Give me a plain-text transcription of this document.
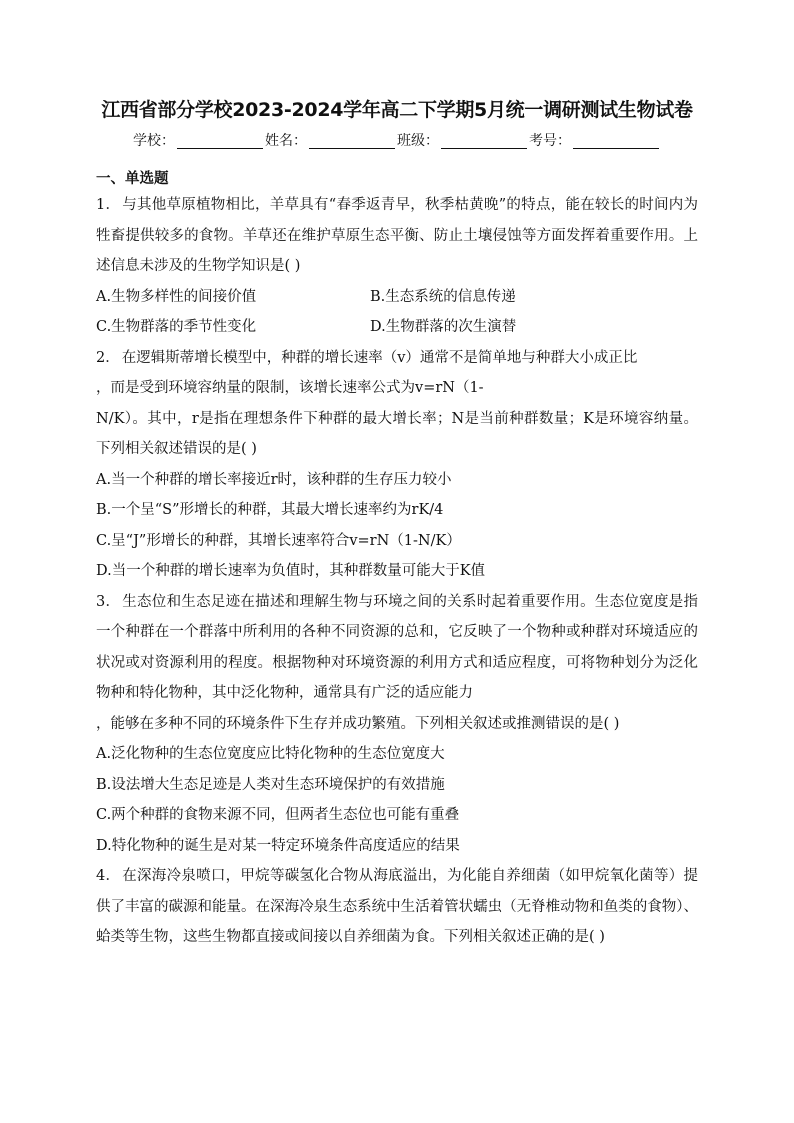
江西省部分学校2023-2024学年高二下学期5月统一调研测试生物试卷
学校：	姓名：	班级：	考号：
一、单选题
1． 与其他草原植物相比，羊草具有“春季返青早，秋季枯黄晚”的特点，能在较长的时间内为牲畜提供较多的食物。羊草还在维护草原生态平衡、防止土壤侵蚀等方面发挥着重要作用。上述信息未涉及的生物学知识是( )
A.生物多样性的间接价值	B.生态系统的信息传递
C.生物群落的季节性变化	D.生物群落的次生演替
2． 在逻辑斯蒂增长模型中，种群的增长速率（v）通常不是简单地与种群大小成正比
，而是受到环境容纳量的限制，该增长速率公式为v=rN（1-
N/K）。其中，r是指在理想条件下种群的最大增长率；N是当前种群数量；K是环境容纳量。下列相关叙述错误的是( )
A.当一个种群的增长率接近r时，该种群的生存压力较小
B.一个呈“S”形增长的种群，其最大增长速率约为rK/4
C.呈“J”形增长的种群，其增长速率符合v=rN（1-N/K）
D.当一个种群的增长速率为负值时，其种群数量可能大于K值
3． 生态位和生态足迹在描述和理解生物与环境之间的关系时起着重要作用。生态位宽度是指一个种群在一个群落中所利用的各种不同资源的总和，它反映了一个物种或种群对环境适应的状况或对资源利用的程度。根据物种对环境资源的利用方式和适应程度，可将物种划分为泛化物种和特化物种，其中泛化物种，通常具有广泛的适应能力
，能够在多种不同的环境条件下生存并成功繁殖。下列相关叙述或推测错误的是( )
A.泛化物种的生态位宽度应比特化物种的生态位宽度大
B.设法增大生态足迹是人类对生态环境保护的有效措施
C.两个种群的食物来源不同，但两者生态位也可能有重叠
D.特化物种的诞生是对某一特定环境条件高度适应的结果
4． 在深海冷泉喷口，甲烷等碳氢化合物从海底溢出，为化能自养细菌（如甲烷氧化菌等）提供了丰富的碳源和能量。在深海冷泉生态系统中生活着管状蠕虫（无脊椎动物和鱼类的食物）、蛤类等生物，这些生物都直接或间接以自养细菌为食。下列相关叙述正确的是( )
